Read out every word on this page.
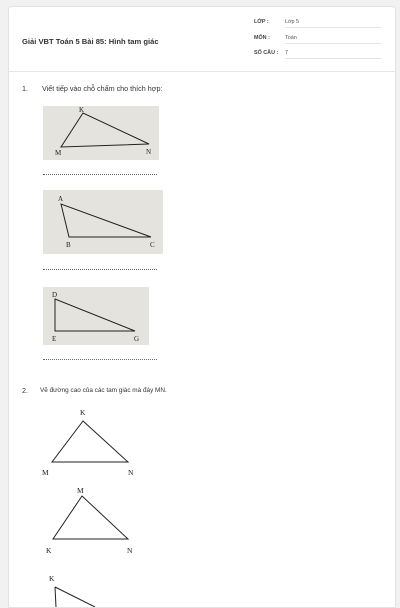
Giải VBT Toán 5 Bài 85: Hình tam giác
LỚP :	Lớp 5
MÔN :	Toán
SỐ CÂU : 7
1. Viết tiếp vào chỗ chấm cho thích hợp:
K
M	N
A
B	C
D
E	G
2. Vẽ đường cao của các tam giác mà đáy MN.
K
M	N
M
K	N
K
